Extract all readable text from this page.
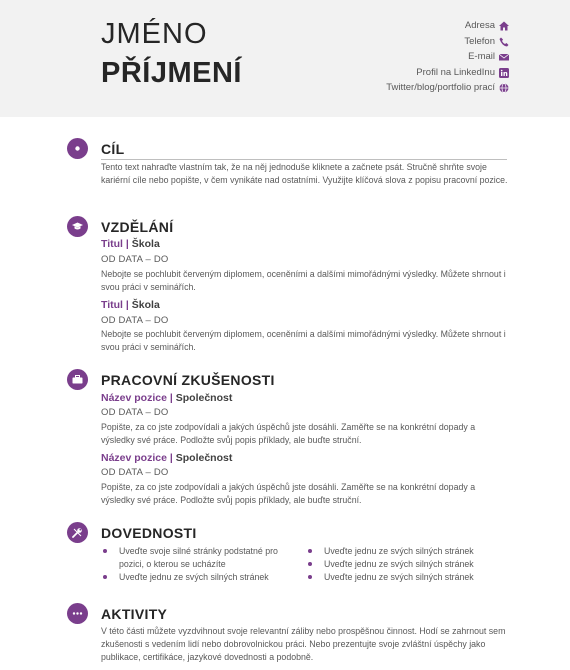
JMÉNO
PŘÍJMENÍ
Adresa
Telefon
E-mail
Profil na LinkedInu
Twitter/blog/portfolio prací
CÍL
Tento text nahraďte vlastním tak, že na něj jednoduše kliknete a začnete psát. Stručně shrňte svoje kariérní cíle nebo popište, v čem vynikáte nad ostatními. Využijte klíčová slova z popisu pracovní pozice.
VZDĚLÁNÍ
Titul | Škola
OD DATA – DO
Nebojte se pochlubit červeným diplomem, oceněními a dalšími mimořádnými výsledky. Můžete shrnout i svou práci v seminářích.
Titul | Škola
OD DATA – DO
Nebojte se pochlubit červeným diplomem, oceněními a dalšími mimořádnými výsledky. Můžete shrnout i svou práci v seminářích.
PRACOVNÍ ZKUŠENOSTI
Název pozice | Společnost
OD DATA – DO
Popište, za co jste zodpovídali a jakých úspěchů jste dosáhli. Zaměřte se na konkrétní dopady a výsledky své práce. Podložte svůj popis příklady, ale buďte struční.
Název pozice | Společnost
OD DATA – DO
Popište, za co jste zodpovídali a jakých úspěchů jste dosáhli. Zaměřte se na konkrétní dopady a výsledky své práce. Podložte svůj popis příklady, ale buďte struční.
DOVEDNOSTI
Uveďte svoje silné stránky podstatné pro pozici, o kterou se ucházíte
Uveďte jednu ze svých silných stránek
Uveďte jednu ze svých silných stránek
Uveďte jednu ze svých silných stránek
Uveďte jednu ze svých silných stránek
AKTIVITY
V této části můžete vyzdvihnout svoje relevantní záliby nebo prospěšnou činnost. Hodí se zahrnout sem zkušenosti s vedením lidí nebo dobrovolnickou práci. Nebo prezentujte svoje zvláštní úspěchy jako publikace, certifikáce, jazykové dovednosti a podobně.
